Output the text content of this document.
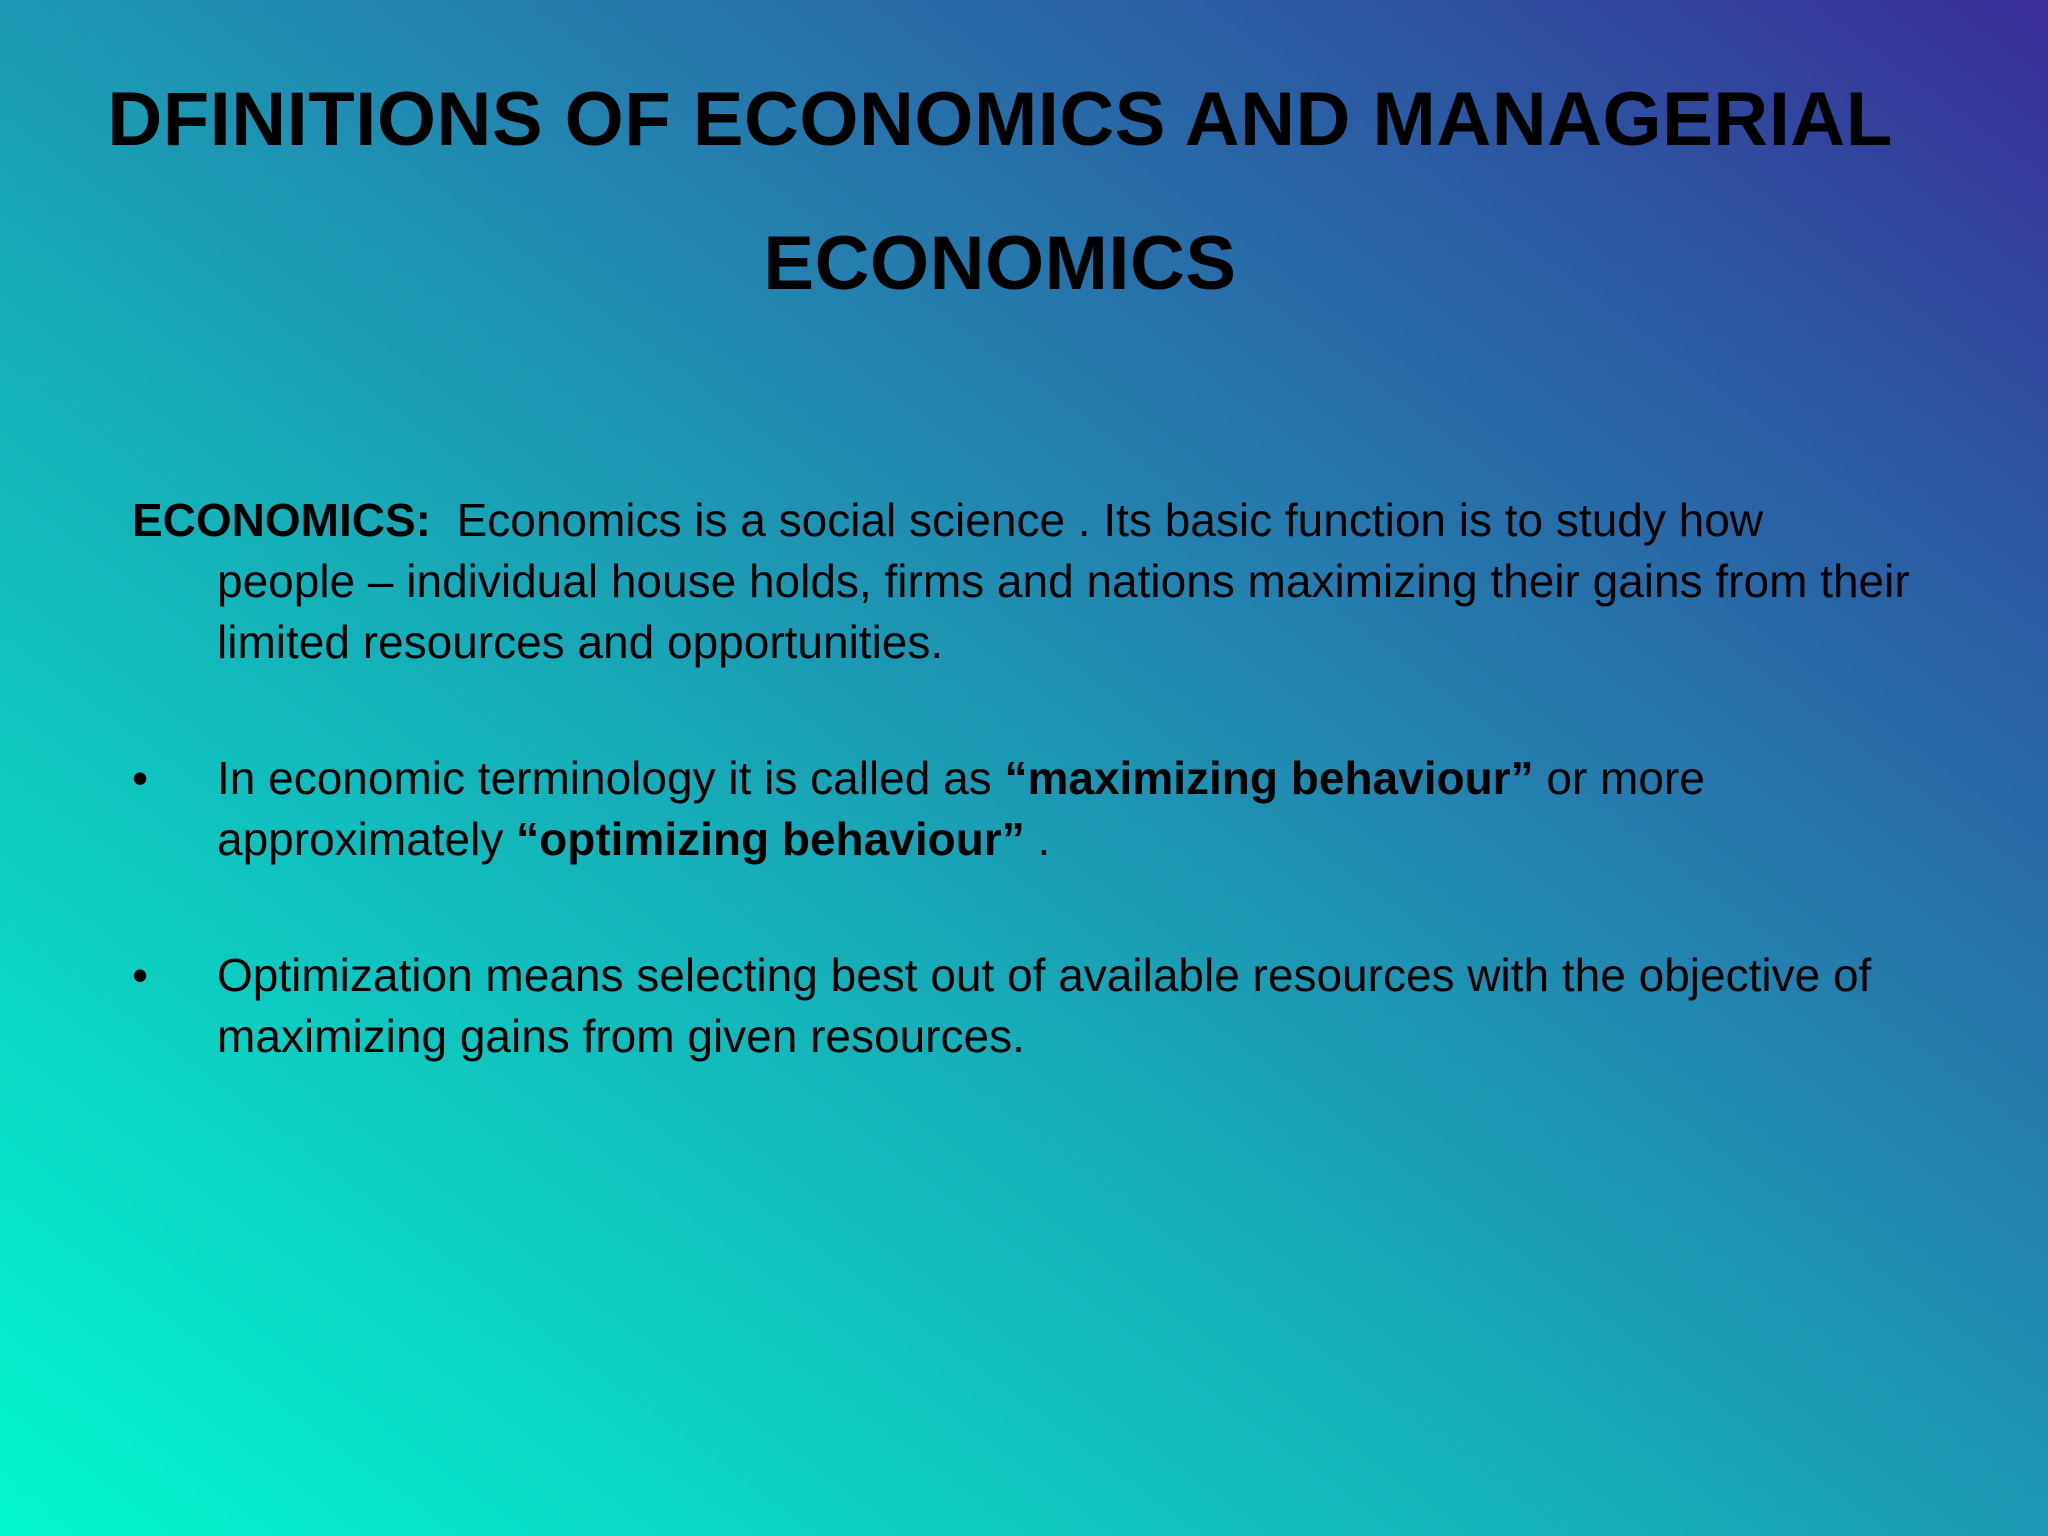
DFINITIONS OF ECONOMICS AND MANAGERIAL
ECONOMICS

ECONOMICS: Economics is a social science . Its basic function is to study how people – individual house holds, firms and nations maximizing their gains from their limited resources and opportunities.

•	In economic terminology it is called as “maximizing behaviour” or more approximately “optimizing behaviour” .

•	Optimization means selecting best out of available resources with the objective of maximizing gains from given resources.
